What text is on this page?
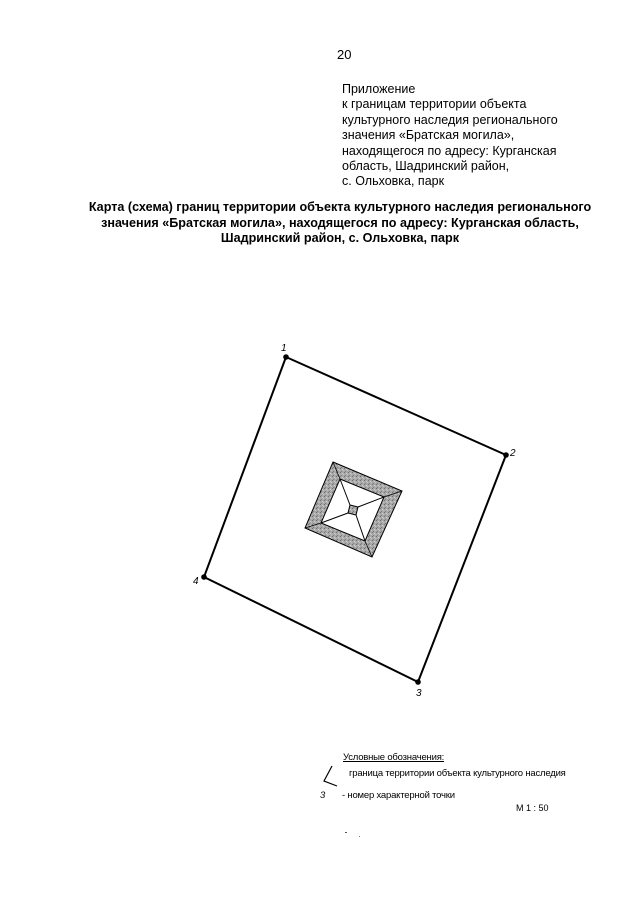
20
Приложение
к границам территории объекта
культурного наследия регионального
значения «Братская могила»,
находящегося по адресу: Курганская
область, Шадринский район,
с. Ольховка, парк
Карта (схема) границ территории объекта культурного наследия регионального
значения «Братская могила», находящегося по адресу: Курганская область,
Шадринский район, с. Ольховка, парк
1
2
3
4
Условные обозначения:
граница территории объекта культурного наследия
3 - номер характерной точки
М 1 : 50
